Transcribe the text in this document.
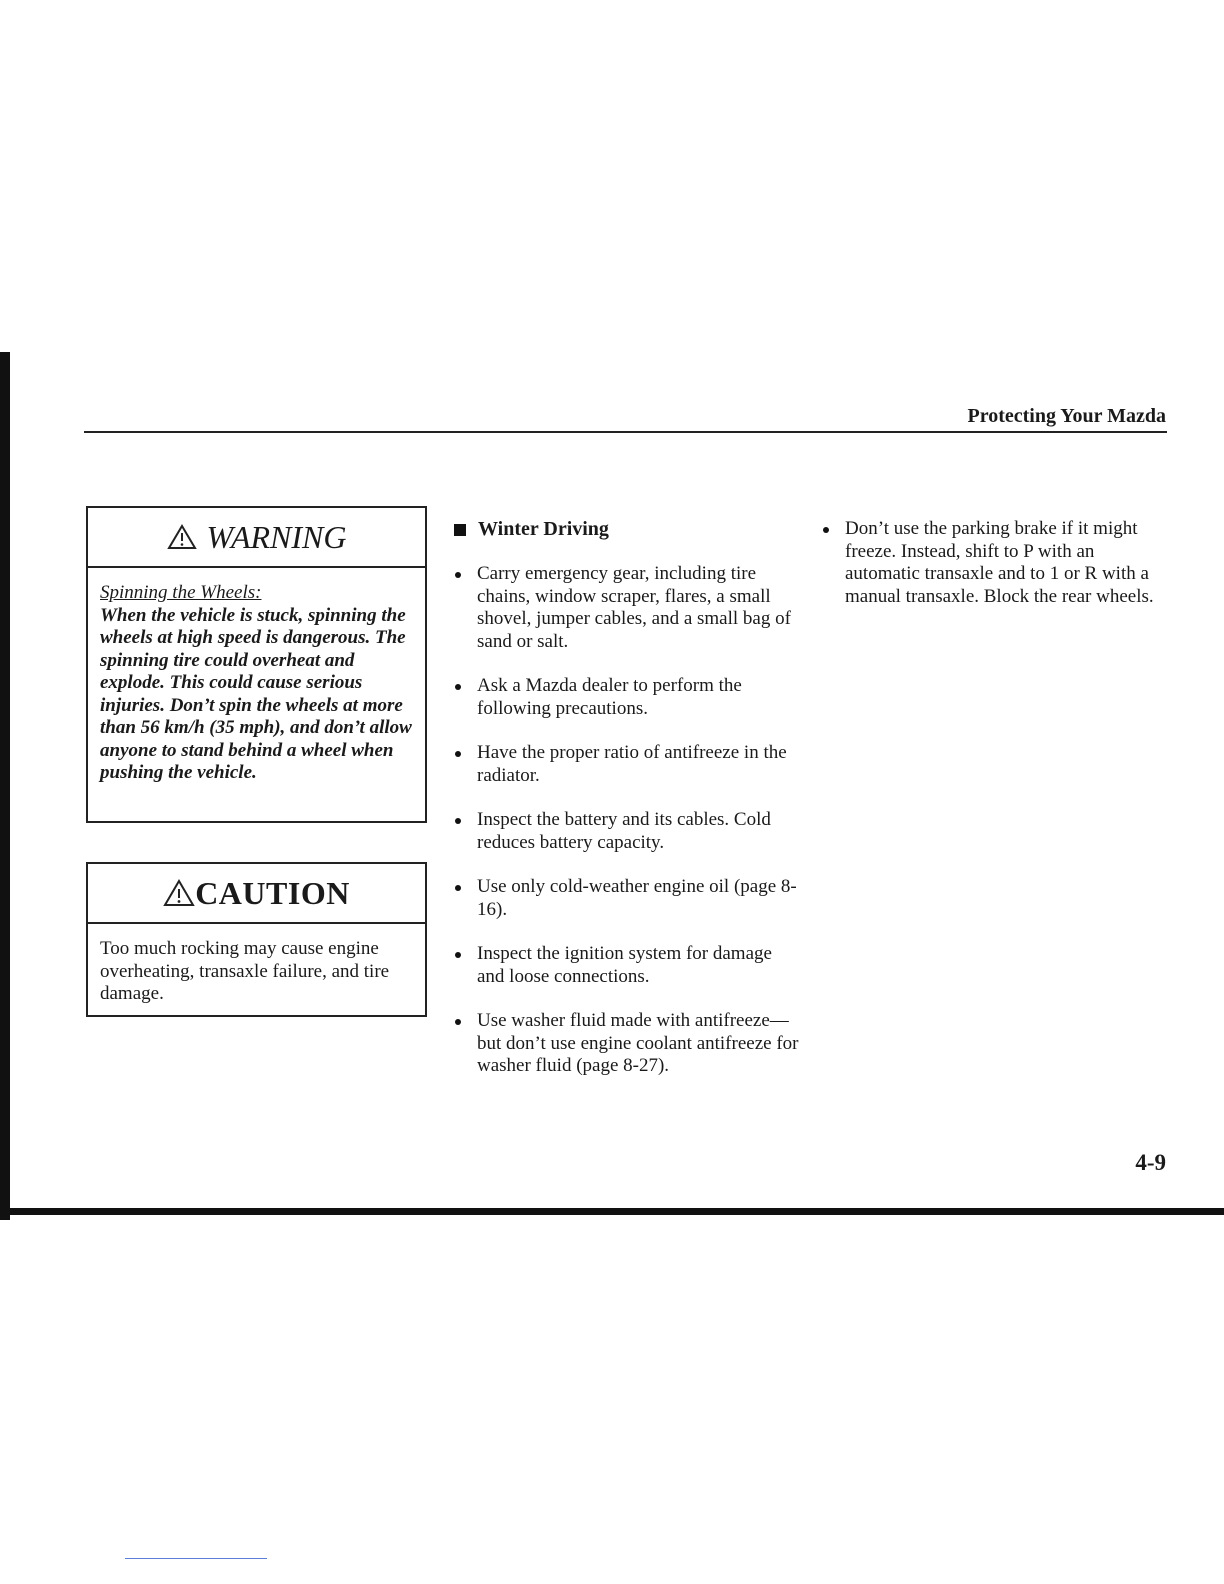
Protecting Your Mazda
WARNING
Spinning the Wheels:
When the vehicle is stuck, spinning the wheels at high speed is dangerous. The spinning tire could overheat and explode. This could cause serious injuries. Don’t spin the wheels at more than 56 km/h (35 mph), and don’t allow anyone to stand behind a wheel when pushing the vehicle.
CAUTION
Too much rocking may cause engine overheating, transaxle failure, and tire damage.
Winter Driving
Carry emergency gear, including tire chains, window scraper, flares, a small shovel, jumper cables, and a small bag of sand or salt.
Ask a Mazda dealer to perform the following precautions.
Have the proper ratio of antifreeze in the radiator.
Inspect the battery and its cables. Cold reduces battery capacity.
Use only cold-weather engine oil (page 8-16).
Inspect the ignition system for damage and loose connections.
Use washer fluid made with antifreeze—but don’t use engine coolant antifreeze for washer fluid (page 8-27).
Don’t use the parking brake if it might freeze. Instead, shift to P with an automatic transaxle and to 1 or R with a manual transaxle. Block the rear wheels.
4-9
